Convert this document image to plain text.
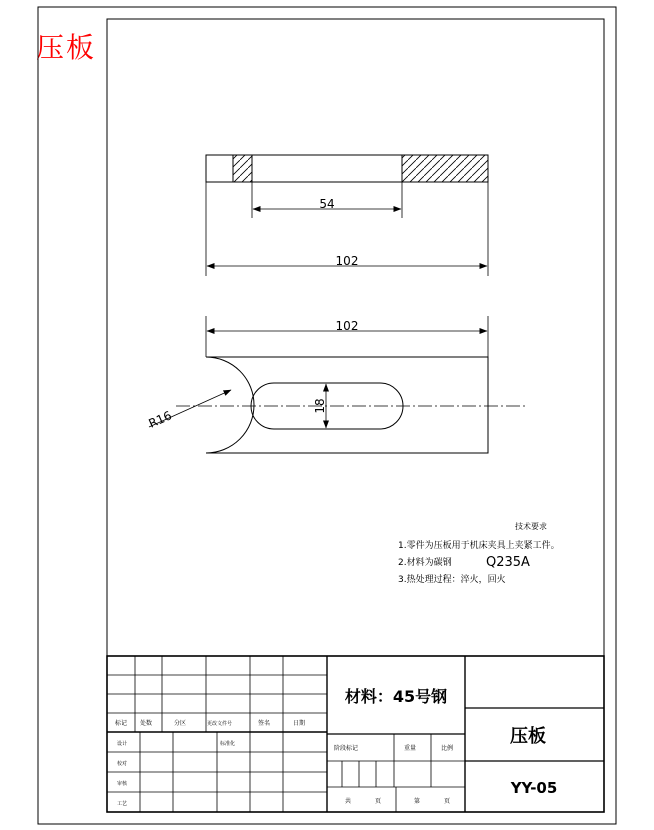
压板
54
102
102
18
R16
技术要求
1.零件为压板用于机床夹具上夹紧工件。
2.材料为碳钢	Q235A
3.热处理过程：淬火，回火
材料：45号钢
压板
YY-05
标记 处数	分区	更改文件号	签名	日期
设计
校对
审核
工艺
标准化
阶段标记	重量	比例
共	页	第	页
